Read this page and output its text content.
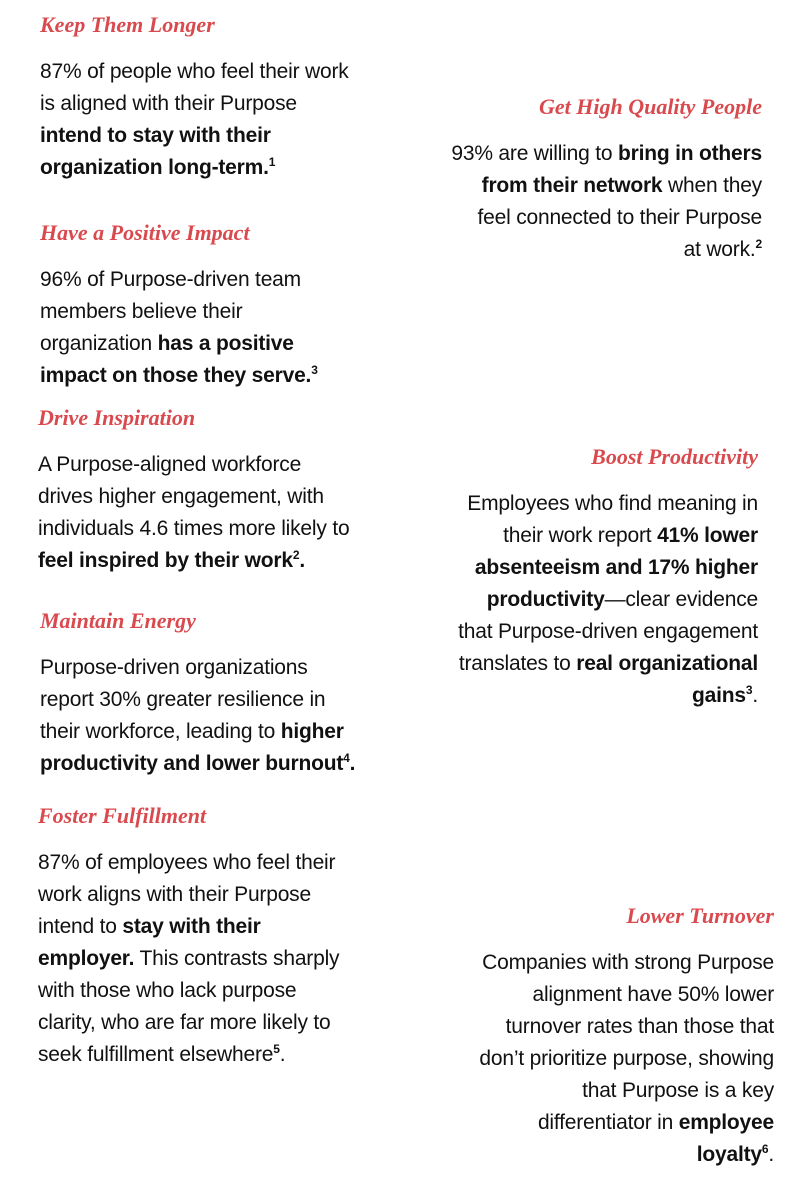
Keep Them Longer
87% of people who feel their work
is aligned with their Purpose
intend to stay with their
organization long-term.$^1$
Get High Quality People
93% are willing to bring in others
from their network when they
feel connected to their Purpose
at work.$^2$
Have a Positive Impact
96% of Purpose-driven team
members believe their
organization has a positive
impact on those they serve.$^3$
Drive Inspiration
A Purpose-aligned workforce
drives higher engagement, with
individuals 4.6 times more likely to
feel inspired by their work$^2$.
Boost Productivity
Employees who find meaning in
their work report 41% lower
absenteeism and 17% higher
productivity—clear evidence
that Purpose-driven engagement
translates to real organizational
gains$^3$.
Maintain Energy
Purpose-driven organizations
report 30% greater resilience in
their workforce, leading to higher
productivity and lower burnout$^4$.
Foster Fulfillment
87% of employees who feel their
work aligns with their Purpose
intend to stay with their
employer. This contrasts sharply
with those who lack purpose
clarity, who are far more likely to
seek fulfillment elsewhere$^5$.
Lower Turnover
Companies with strong Purpose
alignment have 50% lower
turnover rates than those that
don’t prioritize purpose, showing
that Purpose is a key
differentiator in employee
loyalty$^6$.
